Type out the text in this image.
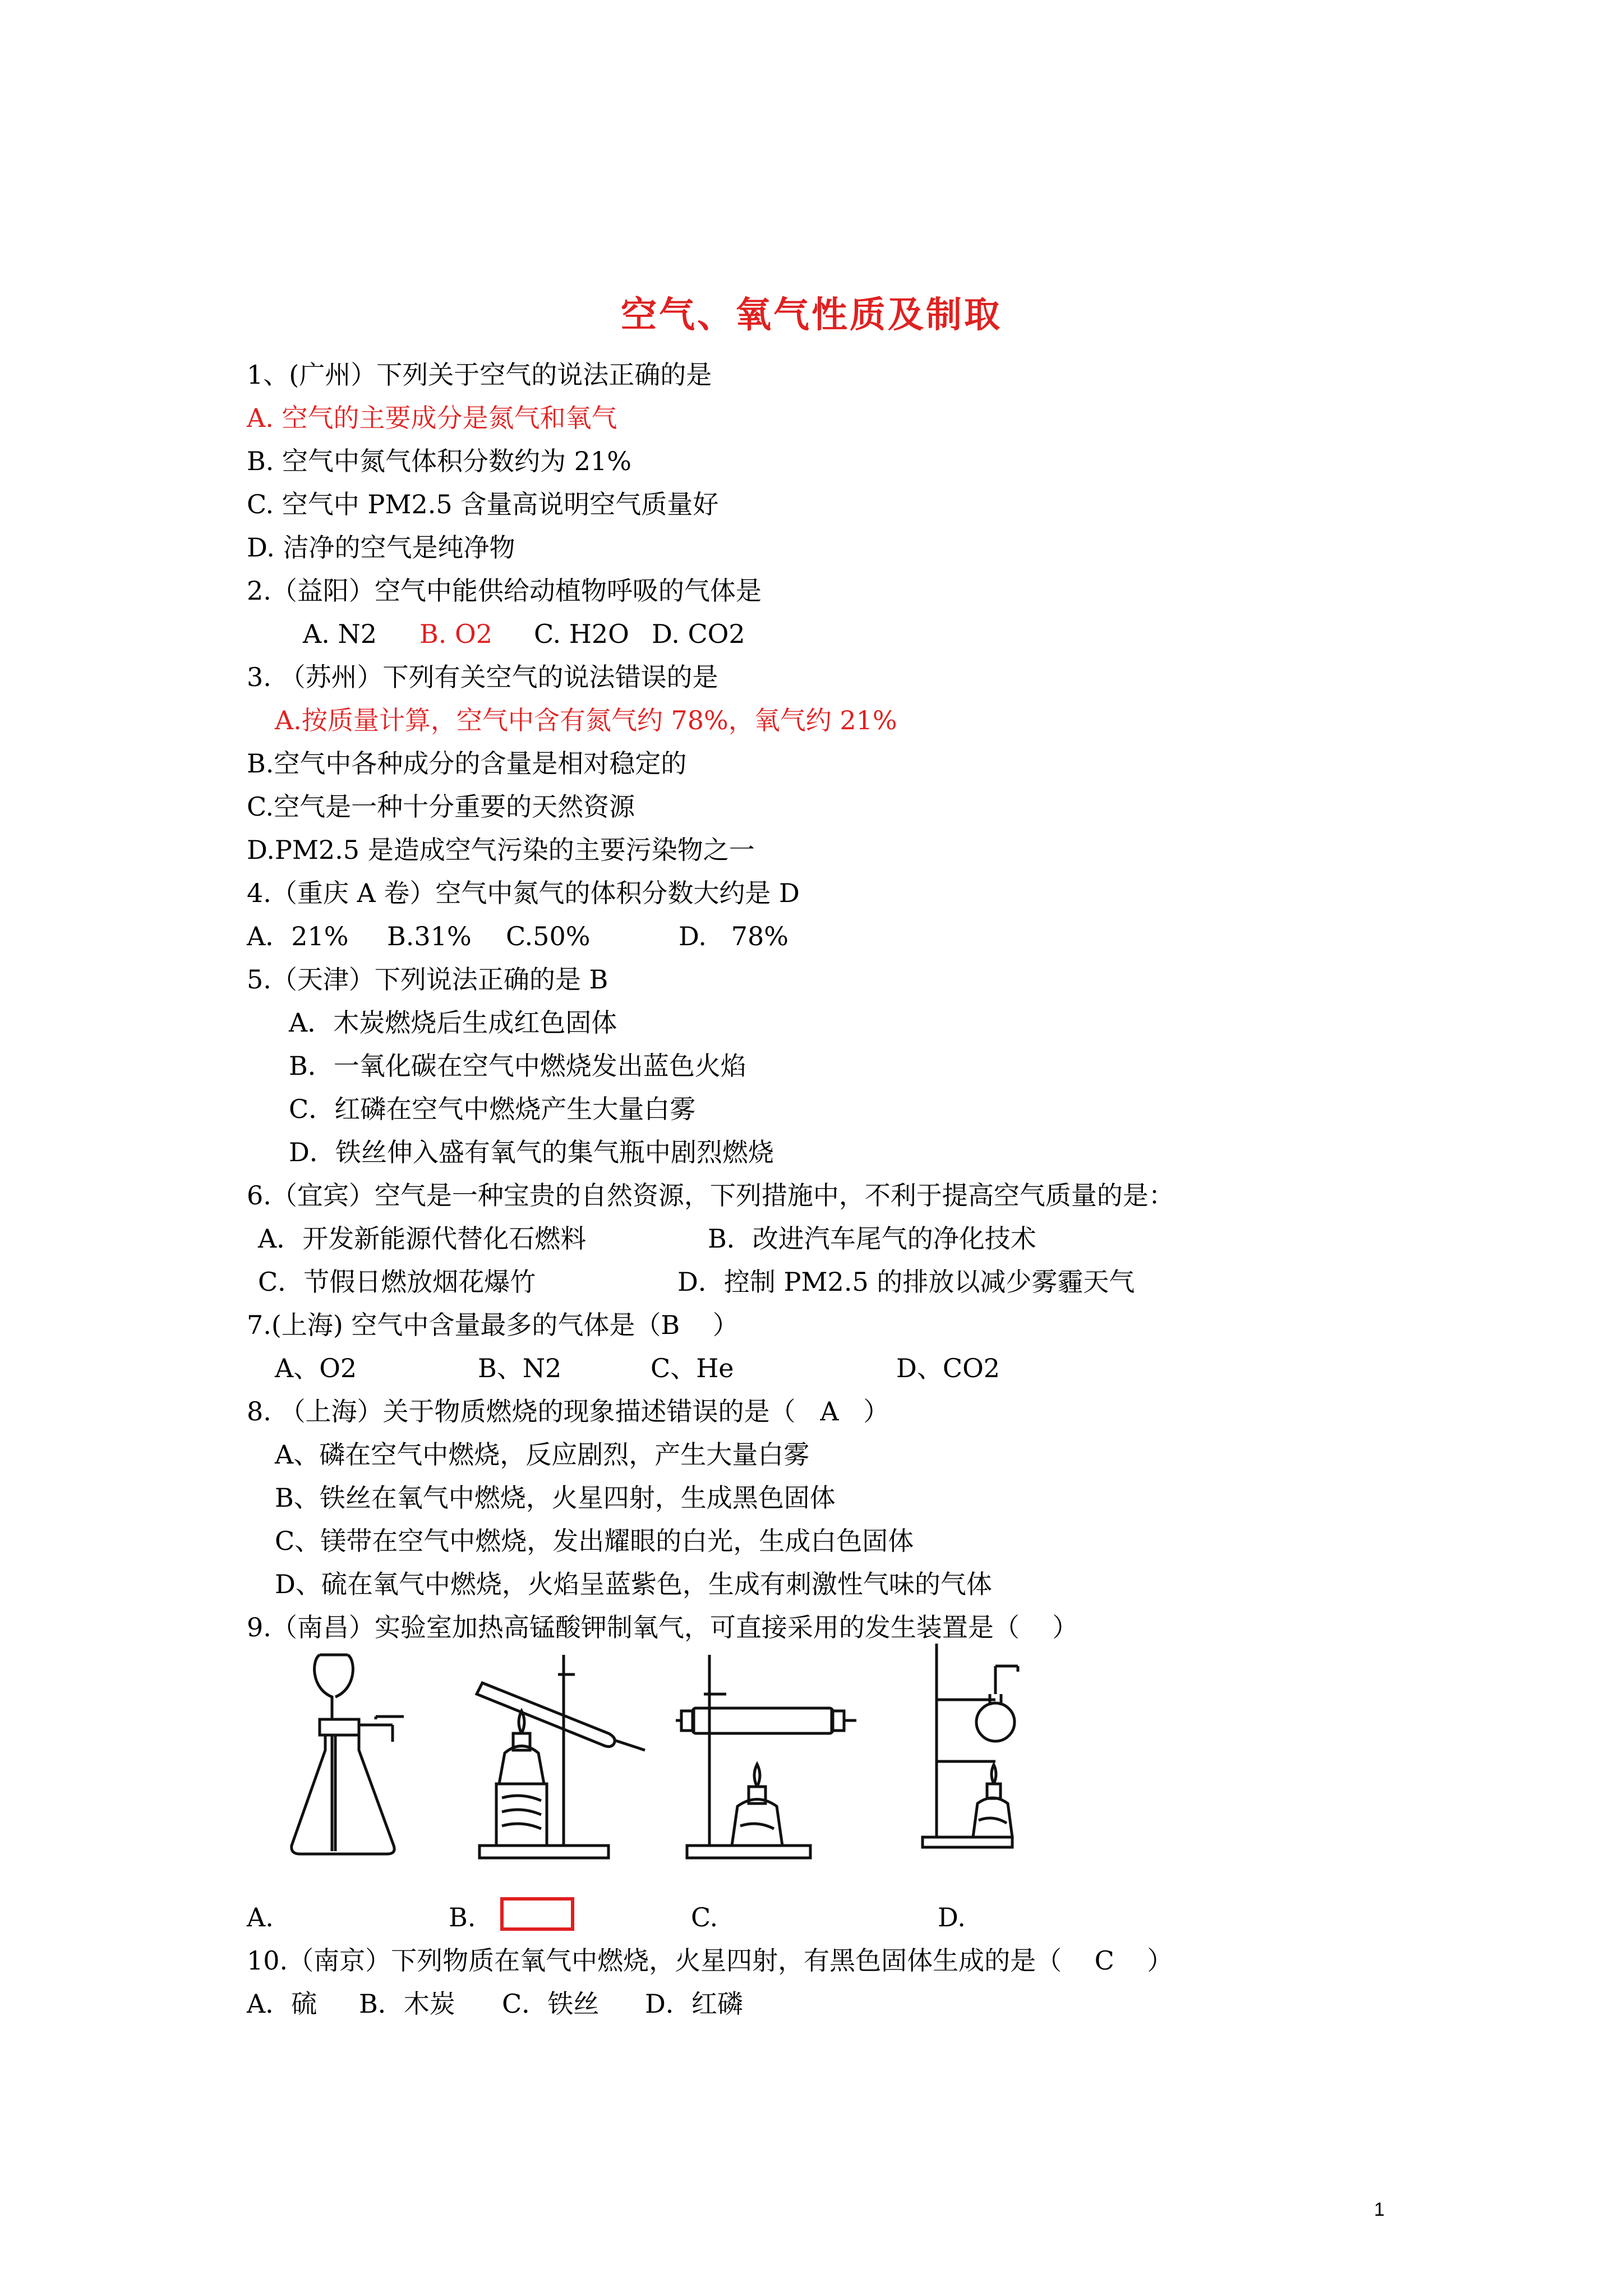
空气、氧气性质及制取
1、(广州）下列关于空气的说法正确的是
A. 空气的主要成分是氮气和氧气
B. 空气中氮气体积分数约为 21%
C. 空气中 PM2.5 含量高说明空气质量好
D. 洁净的空气是纯净物
2.（益阳）空气中能供给动植物呼吸的气体是
A. N2 B. O2 C. H2O D. CO2
3. （苏州）下列有关空气的说法错误的是
A.按质量计算，空气中含有氮气约 78%，氧气约 21%
B.空气中各种成分的含量是相对稳定的
C.空气是一种十分重要的天然资源
D.PM2.5 是造成空气污染的主要污染物之一
4.（重庆 A 卷）空气中氮气的体积分数大约是 D
A．21% B.31% C.50%	D.   78%
5.（天津）下列说法正确的是 B
A．木炭燃烧后生成红色固体
B．一氧化碳在空气中燃烧发出蓝色火焰
C．红磷在空气中燃烧产生大量白雾
D．铁丝伸入盛有氧气的集气瓶中剧烈燃烧
6.（宜宾）空气是一种宝贵的自然资源，下列措施中，不利于提高空气质量的是：
A．开发新能源代替化石燃料	B．改进汽车尾气的净化技术
C．节假日燃放烟花爆竹	D．控制 PM2.5 的排放以减少雾霾天气
7.(上海) 空气中含量最多的气体是（B    ）
A、O2	B、N2	C、He	D、CO2
8. （上海）关于物质燃烧的现象描述错误的是（   A   ）
A、磷在空气中燃烧，反应剧烈，产生大量白雾
B、铁丝在氧气中燃烧，火星四射，生成黑色固体
C、镁带在空气中燃烧，发出耀眼的白光，生成白色固体
D、硫在氧气中燃烧，火焰呈蓝紫色，生成有刺激性气味的气体
9.（南昌）实验室加热高锰酸钾制氧气，可直接采用的发生装置是（    ）
A.	B.	C.	D.
10.（南京）下列物质在氧气中燃烧，火星四射，有黑色固体生成的是（    C    ）
A．硫 B．木炭 C．铁丝 D．红磷
1
